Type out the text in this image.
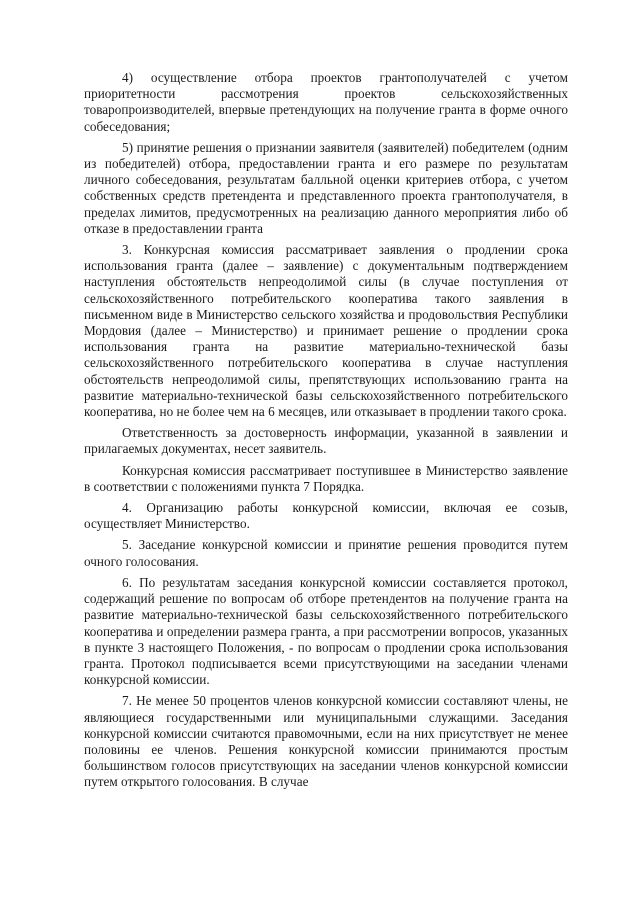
4) осуществление отбора проектов грантополучателей с учетом приоритетности рассмотрения проектов сельскохозяйственных товаропроизводителей, впервые претендующих на получение гранта в форме очного собеседования;

5) принятие решения о признании заявителя (заявителей) победителем (одним из победителей) отбора, предоставлении гранта и его размере по результатам личного собеседования, результатам балльной оценки критериев отбора, с учетом собственных средств претендента и представленного проекта грантополучателя, в пределах лимитов, предусмотренных на реализацию данного мероприятия либо об отказе в предоставлении гранта

3. Конкурсная комиссия рассматривает заявления о продлении срока использования гранта (далее – заявление) с документальным подтверждением наступления обстоятельств непреодолимой силы (в случае поступления от сельскохозяйственного потребительского кооператива такого заявления в письменном виде в Министерство сельского хозяйства и продовольствия Республики Мордовия (далее – Министерство) и принимает решение о продлении срока использования гранта на развитие материально-технической базы сельскохозяйственного потребительского кооператива в случае наступления обстоятельств непреодолимой силы, препятствующих использованию гранта на развитие материально-технической базы сельскохозяйственного потребительского кооператива, но не более чем на 6 месяцев, или отказывает в продлении такого срока.

Ответственность за достоверность информации, указанной в заявлении и прилагаемых документах, несет заявитель.

Конкурсная комиссия рассматривает поступившее в Министерство заявление в соответствии с положениями пункта 7 Порядка.

4. Организацию работы конкурсной комиссии, включая ее созыв, осуществляет Министерство.

5. Заседание конкурсной комиссии и принятие решения проводится путем очного голосования.

6. По результатам заседания конкурсной комиссии составляется протокол, содержащий решение по вопросам об отборе претендентов на получение гранта на развитие материально-технической базы сельскохозяйственного потребительского кооператива и определении размера гранта, а при рассмотрении вопросов, указанных в пункте 3 настоящего Положения, - по вопросам о продлении срока использования гранта. Протокол подписывается всеми присутствующими на заседании членами конкурсной комиссии.

7. Не менее 50 процентов членов конкурсной комиссии составляют члены, не являющиеся государственными или муниципальными служащими. Заседания конкурсной комиссии считаются правомочными, если на них присутствует не менее половины ее членов. Решения конкурсной комиссии принимаются простым большинством голосов присутствующих на заседании членов конкурсной комиссии путем открытого голосования. В случае
